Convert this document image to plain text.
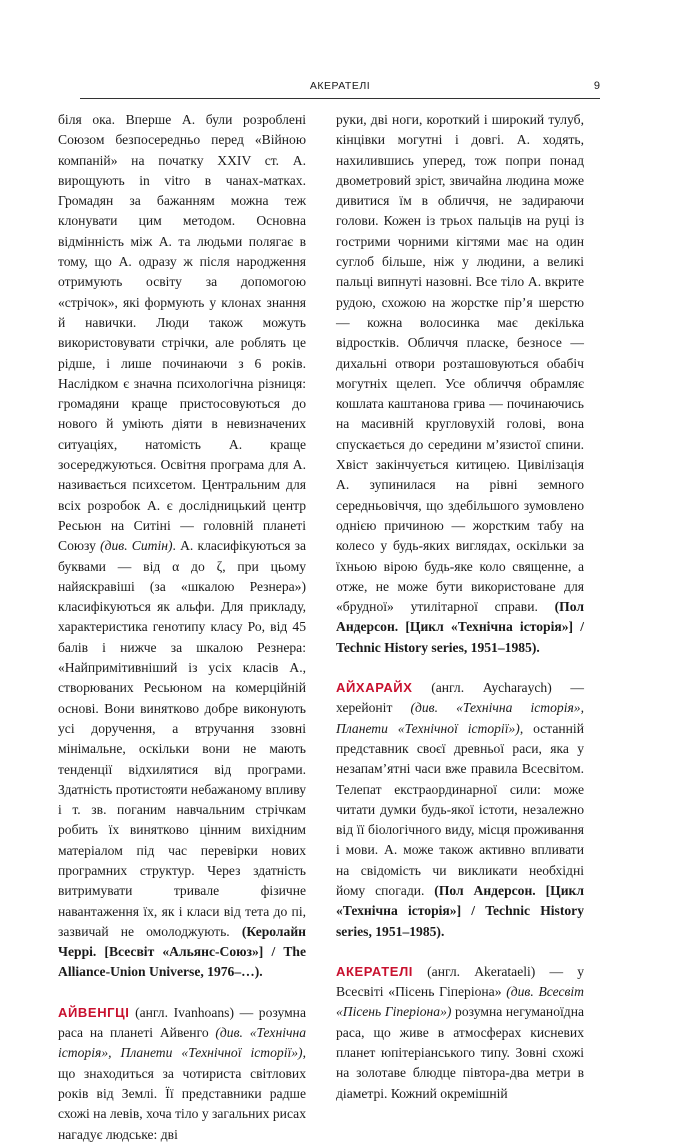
АКЕРАТЕЛІ	9

біля ока. Вперше А. були розроблені Союзом безпосередньо перед «Війною компаній» на початку XXIV ст. А. вирощують in vitro в чанах-матках. Громадян за бажанням можна теж клонувати цим методом. Основна відмінність між А. та людьми полягає в тому, що А. одразу ж після народження отримують освіту за допомогою «стрічок», які формують у клонах знання й навички. Люди також можуть використовувати стрічки, але роблять це рідше, і лише починаючи з 6 років. Наслідком є значна психологічна різниця: громадяни краще пристосовуються до нового й уміють діяти в невизначених ситуаціях, натомість А. краще зосереджуються. Освітня програма для А. називається психсетом. Центральним для всіх розробок А. є дослідницький центр Ресьюн на Ситіні — головній планеті Союзу (див. Ситін). А. класифікуються за буквами — від α до ζ, при цьому найяскравіші (за «шкалою Резнера») класифікуються як альфи. Для прикладу, характеристика генотипу класу Ро, від 45 балів і нижче за шкалою Резнера: «Найпримітивніший із усіх класів А., створюваних Ресьюном на комерційній основі. Вони винятково добре виконують усі доручення, а втручання ззовні мінімальне, оскільки вони не мають тенденції відхилятися від програми. Здатність протистояти небажаному впливу і т. зв. поганим навчальним стрічкам робить їх винятково цінним вихідним матеріалом під час перевірки нових програмних структур. Через здатність витримувати тривале фізичне навантаження їх, як і класи від тета до пі, зазвичай не омолоджують. (Керолайн Черрі. [Всесвіт «Альянс-Союз»] / The Alliance-Union Universe, 1976–…).

АЙВЕНГЦІ (англ. Ivanhoans) — розумна раса на планеті Айвенго (див. «Технічна історія», Планети «Технічної історії»), що знаходиться за чотириста світлових років від Землі. Її представники радше схожі на левів, хоча тіло у загальних рисах нагадує людське: дві

руки, дві ноги, короткий і широкий тулуб, кінцівки могутні і довгі. А. ходять, нахилившись уперед, тож попри понад двометровий зріст, звичайна людина може дивитися їм в обличчя, не задираючи голови. Кожен із трьох пальців на руці із гострими чорними кігтями має на один суглоб більше, ніж у людини, а великі пальці випнуті назовні. Все тіло А. вкрите рудою, схожою на жорстке пір’я шерстю — кожна волосинка має декілька відростків. Обличчя пласке, безносе — дихальні отвори розташовуються обабіч могутніх щелеп. Усе обличчя обрамляє кошлата каштанова грива — починаючись на масивній кругловухій голові, вона спускається до середини м’язистої спини. Хвіст закінчується китицею. Цивілізація А. зупинилася на рівні земного середньовіччя, що здебільшого зумовлено однією причиною — жорстким табу на колесо у будь-яких виглядах, оскільки за їхньою вірою будь-яке коло священне, а отже, не може бути використоване для «брудної» утилітарної справи. (Пол Андерсон. [Цикл «Технічна історія»] / Technic History series, 1951–1985).

АЙХАРАЙХ (англ. Aycharaych) — херейоніт (див. «Технічна історія», Планети «Технічної історії»), останній представник своєї древньої раси, яка у незапам’ятні часи вже правила Всесвітом. Телепат екстраординарної сили: може читати думки будь-якої істоти, незалежно від її біологічного виду, місця проживання і мови. А. може також активно впливати на свідомість чи викликати необхідні йому спогади. (Пол Андерсон. [Цикл «Технічна історія»] / Technic History series, 1951–1985).

АКЕРАТЕЛІ (англ. Akerataeli) — у Всесвіті «Пісень Гіперіона» (див. Всесвіт «Пісень Гіперіона») розумна негуманоїдна раса, що живе в атмосферах кисневих планет юпітеріанського типу. Зовні схожі на золотаве блюдце півтора-два метри в діаметрі. Кожний окремішній
